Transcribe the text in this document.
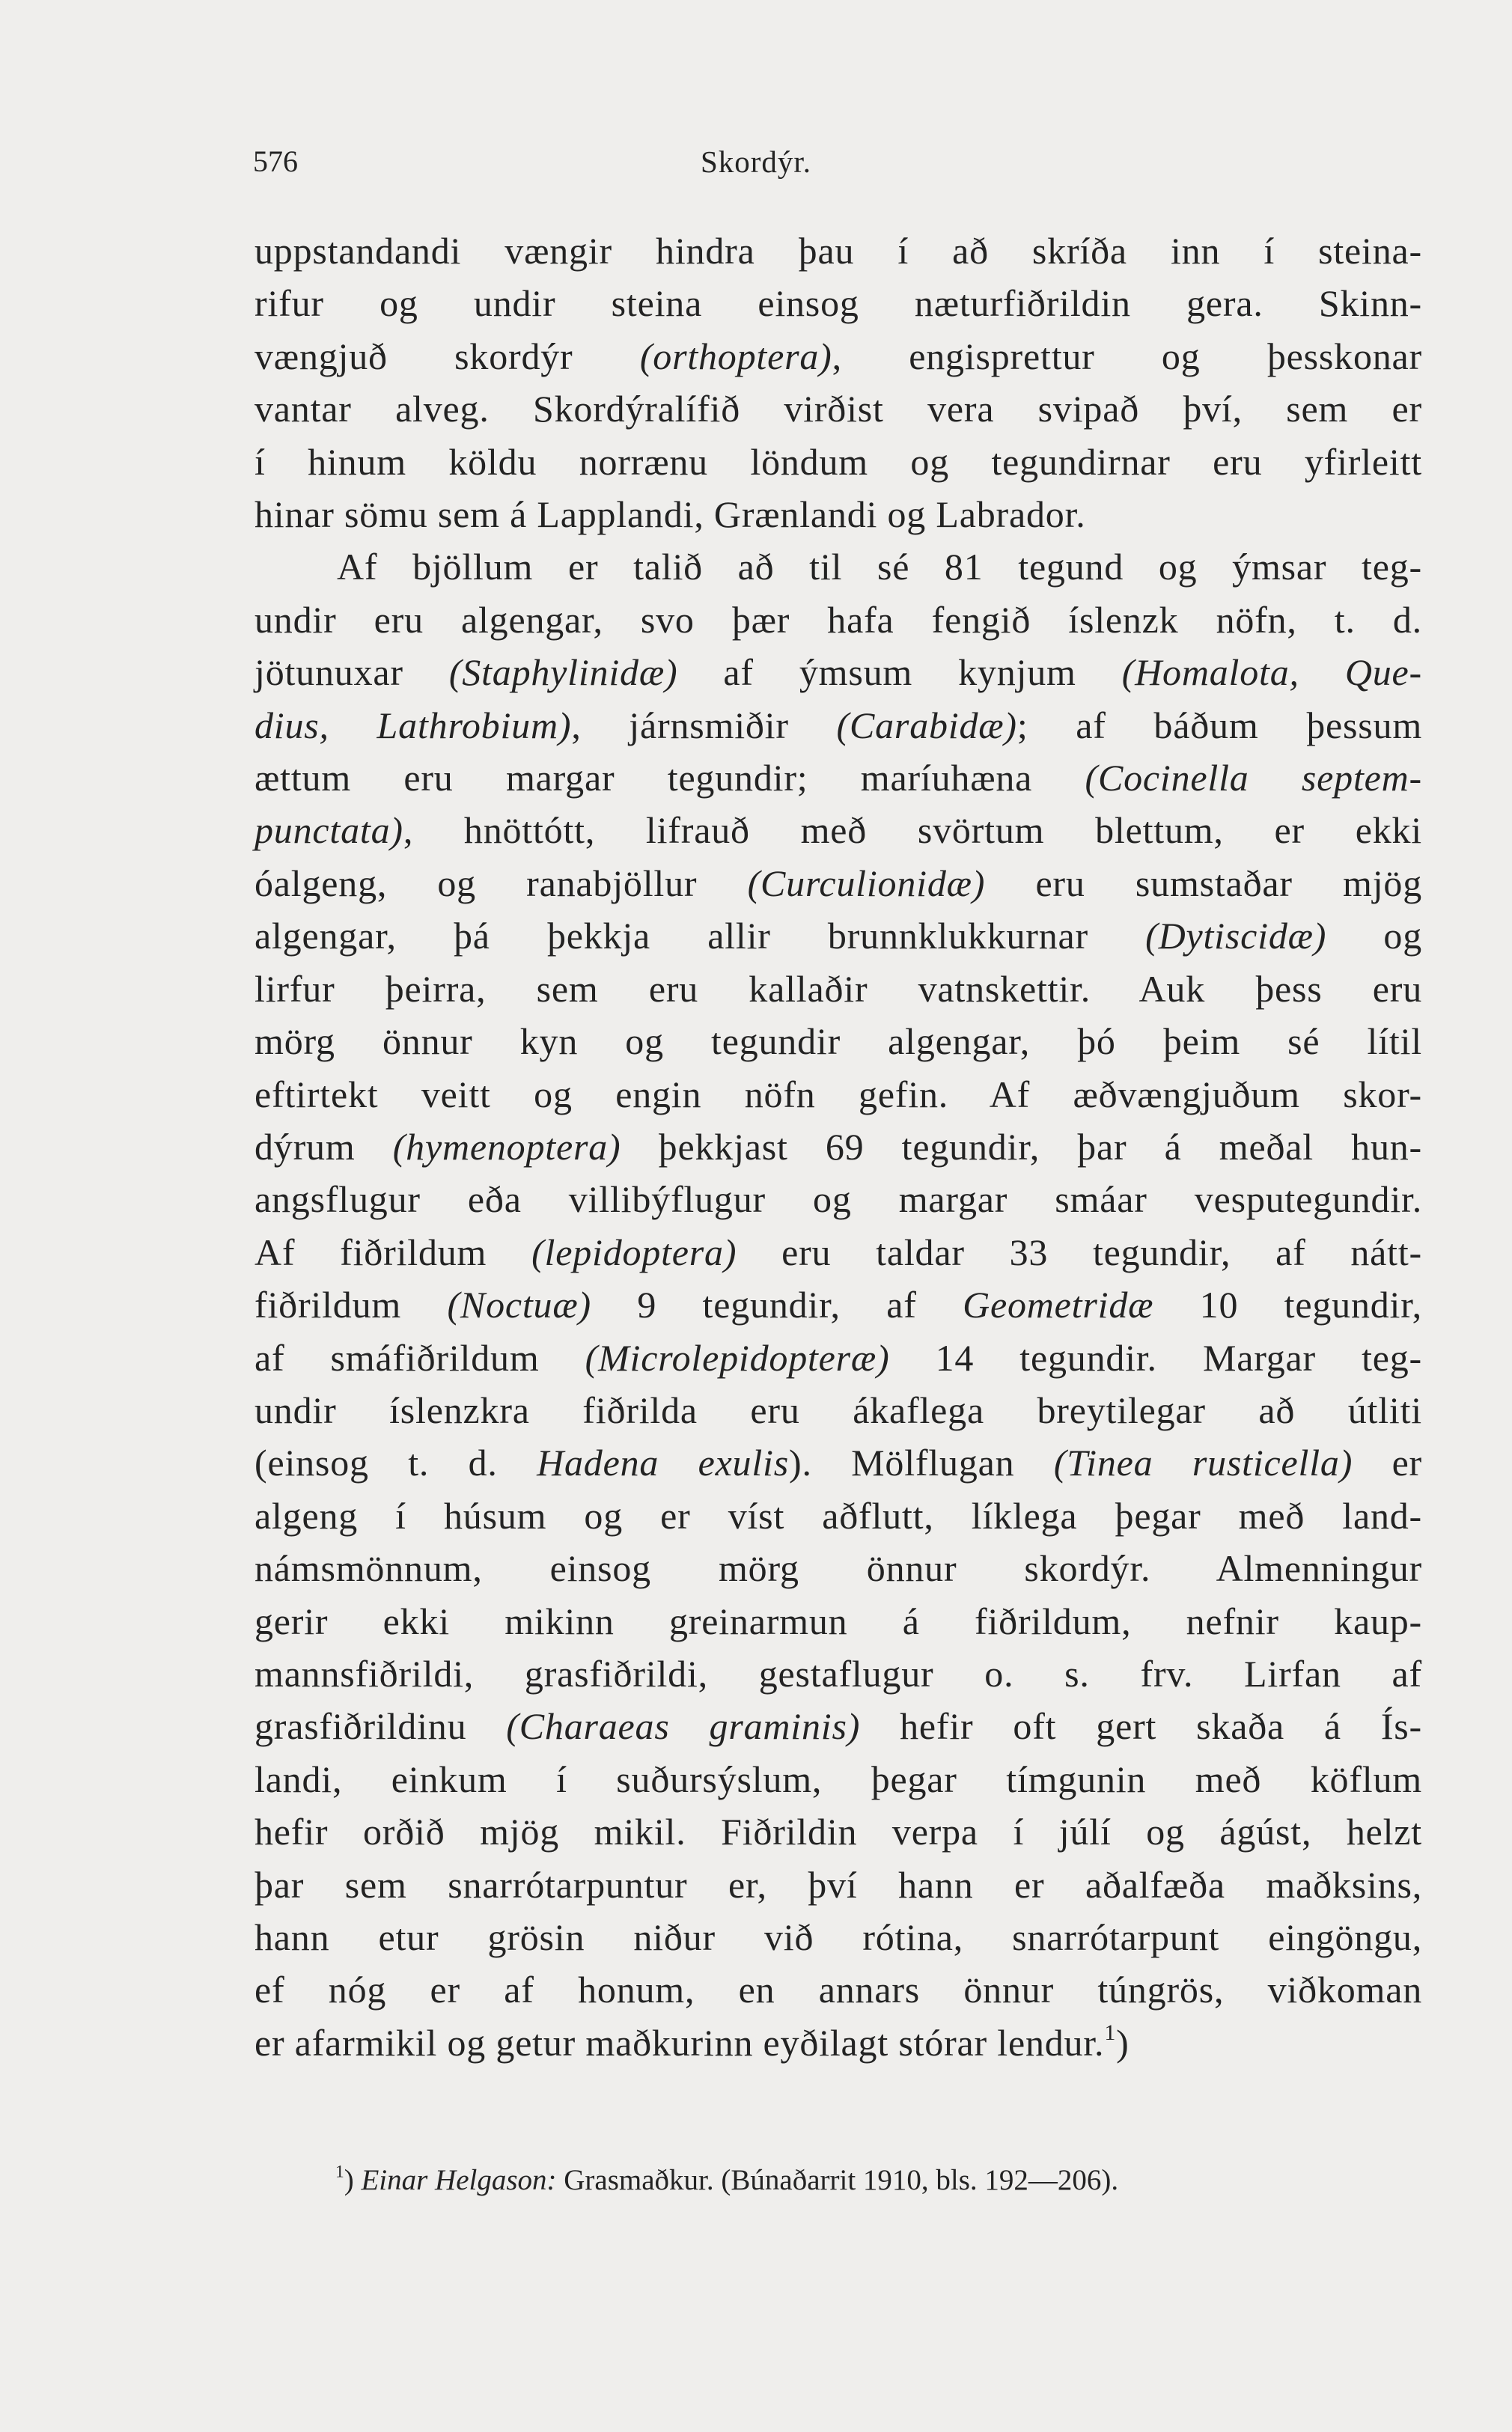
576	Skordýr.
uppstandandi vængir hindra þau í að skríða inn í steina-
rifur og undir steina einsog næturfiðrildin gera. Skinn-
vængjuð skordýr (orthoptera), engisprettur og þesskonar
vantar alveg. Skordýralífið virðist vera svipað því, sem er
í hinum köldu norrænu löndum og tegundirnar eru yfirleitt
hinar sömu sem á Lapplandi, Grænlandi og Labrador.
Af bjöllum er talið að til sé 81 tegund og ýmsar teg-
undir eru algengar, svo þær hafa fengið íslenzk nöfn, t. d.
jötunuxar (Staphylinidæ) af ýmsum kynjum (Homalota, Que-
dius, Lathrobium), járnsmiðir (Carabidæ); af báðum þessum
ættum eru margar tegundir; maríuhæna (Cocinella septem-
punctata), hnöttótt, lifrauð með svörtum blettum, er ekki
óalgeng, og ranabjöllur (Curculionidæ) eru sumstaðar mjög
algengar, þá þekkja allir brunnklukkurnar (Dytiscidæ) og
lirfur þeirra, sem eru kallaðir vatnskettir. Auk þess eru
mörg önnur kyn og tegundir algengar, þó þeim sé lítil
eftirtekt veitt og engin nöfn gefin. Af æðvængjuðum skor-
dýrum (hymenoptera) þekkjast 69 tegundir, þar á meðal hun-
angsflugur eða villibýflugur og margar smáar vesputegundir.
Af fiðrildum (lepidoptera) eru taldar 33 tegundir, af nátt-
fiðrildum (Noctuæ) 9 tegundir, af Geometridæ 10 tegundir,
af smáfiðrildum (Microlepidopteræ) 14 tegundir. Margar teg-
undir íslenzkra fiðrilda eru ákaflega breytilegar að útliti
(einsog t. d. Hadena exulis). Mölflugan (Tinea rusticella) er
algeng í húsum og er víst aðflutt, líklega þegar með land-
námsmönnum, einsog mörg önnur skordýr. Almenningur
gerir ekki mikinn greinarmun á fiðrildum, nefnir kaup-
mannsfiðrildi, grasfiðrildi, gestaflugur o. s. frv. Lirfan af
grasfiðrildinu (Charaeas graminis) hefir oft gert skaða á Ís-
landi, einkum í suðursýslum, þegar tímgunin með köflum
hefir orðið mjög mikil. Fiðrildin verpa í júlí og ágúst, helzt
þar sem snarrótarpuntur er, því hann er aðalfæða maðksins,
hann etur grösin niður við rótina, snarrótarpunt eingöngu,
ef nóg er af honum, en annars önnur túngrös, viðkoman
er afarmikil og getur maðkurinn eyðilagt stórar lendur.$^1$)
$^1$) Einar Helgason: Grasmaðkur. (Búnaðarrit 1910, bls. 192—206).
